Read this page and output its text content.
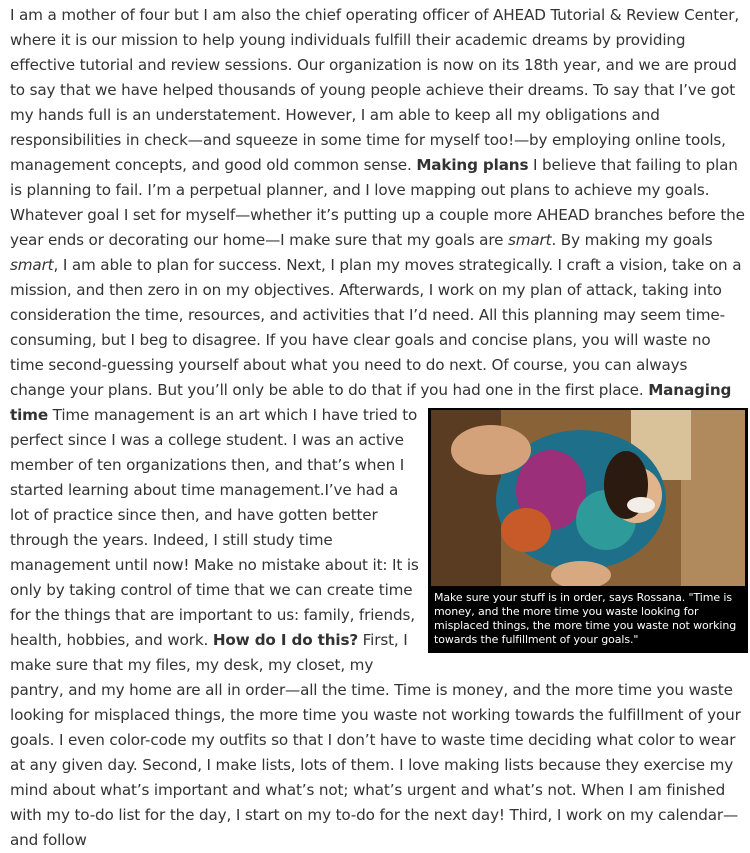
I am a mother of four but I am also the chief operating officer of AHEAD Tutorial & Review Center, where it is our mission to help young individuals fulfill their academic dreams by providing effective tutorial and review sessions. Our organization is now on its 18th year, and we are proud to say that we have helped thousands of young people achieve their dreams. To say that I’ve got my hands full is an understatement. However, I am able to keep all my obligations and responsibilities in check—and squeeze in some time for myself too!—by employing online tools, management concepts, and good old common sense. Making plans I believe that failing to plan is planning to fail. I’m a perpetual planner, and I love mapping out plans to achieve my goals. Whatever goal I set for myself—whether it’s putting up a couple more AHEAD branches before the year ends or decorating our home—I make sure that my goals are smart. By making my goals smart, I am able to plan for success. Next, I plan my moves strategically. I craft a vision, take on a mission, and then zero in on my objectives. Afterwards, I work on my plan of attack, taking into consideration the time, resources, and activities that I’d need. All this planning may seem time-consuming, but I beg to disagree. If you have clear goals and concise plans, you will waste no time second-guessing yourself about what you need to do next. Of course, you can always change your plans. But you’ll only be able to do that if you had one in the first place. Managing time
Make sure your stuff is in order, says Rossana. "Time is money, and the more time you waste looking for misplaced things, the more time you waste not working towards the fulfillment of your goals."
Time management is an art which I have tried to perfect since I was a college student. I was an active member of ten organizations then, and that’s when I started learning about time management.I’ve had a lot of practice since then, and have gotten better through the years. Indeed, I still study time management until now! Make no mistake about it: It is only by taking control of time that we can create time for the things that are important to us: family, friends, health, hobbies, and work. How do I do this? First, I make sure that my files, my desk, my closet, my pantry, and my home are all in order—all the time. Time is money, and the more time you waste looking for misplaced things, the more time you waste not working towards the fulfillment of your goals. I even color-code my outfits so that I don’t have to waste time deciding what color to wear at any given day. Second, I make lists, lots of them. I love making lists because they exercise my mind about what’s important and what’s not; what’s urgent and what’s not. When I am finished with my to-do list for the day, I start on my to-do for the next day! Third, I work on my calendar—and follow
